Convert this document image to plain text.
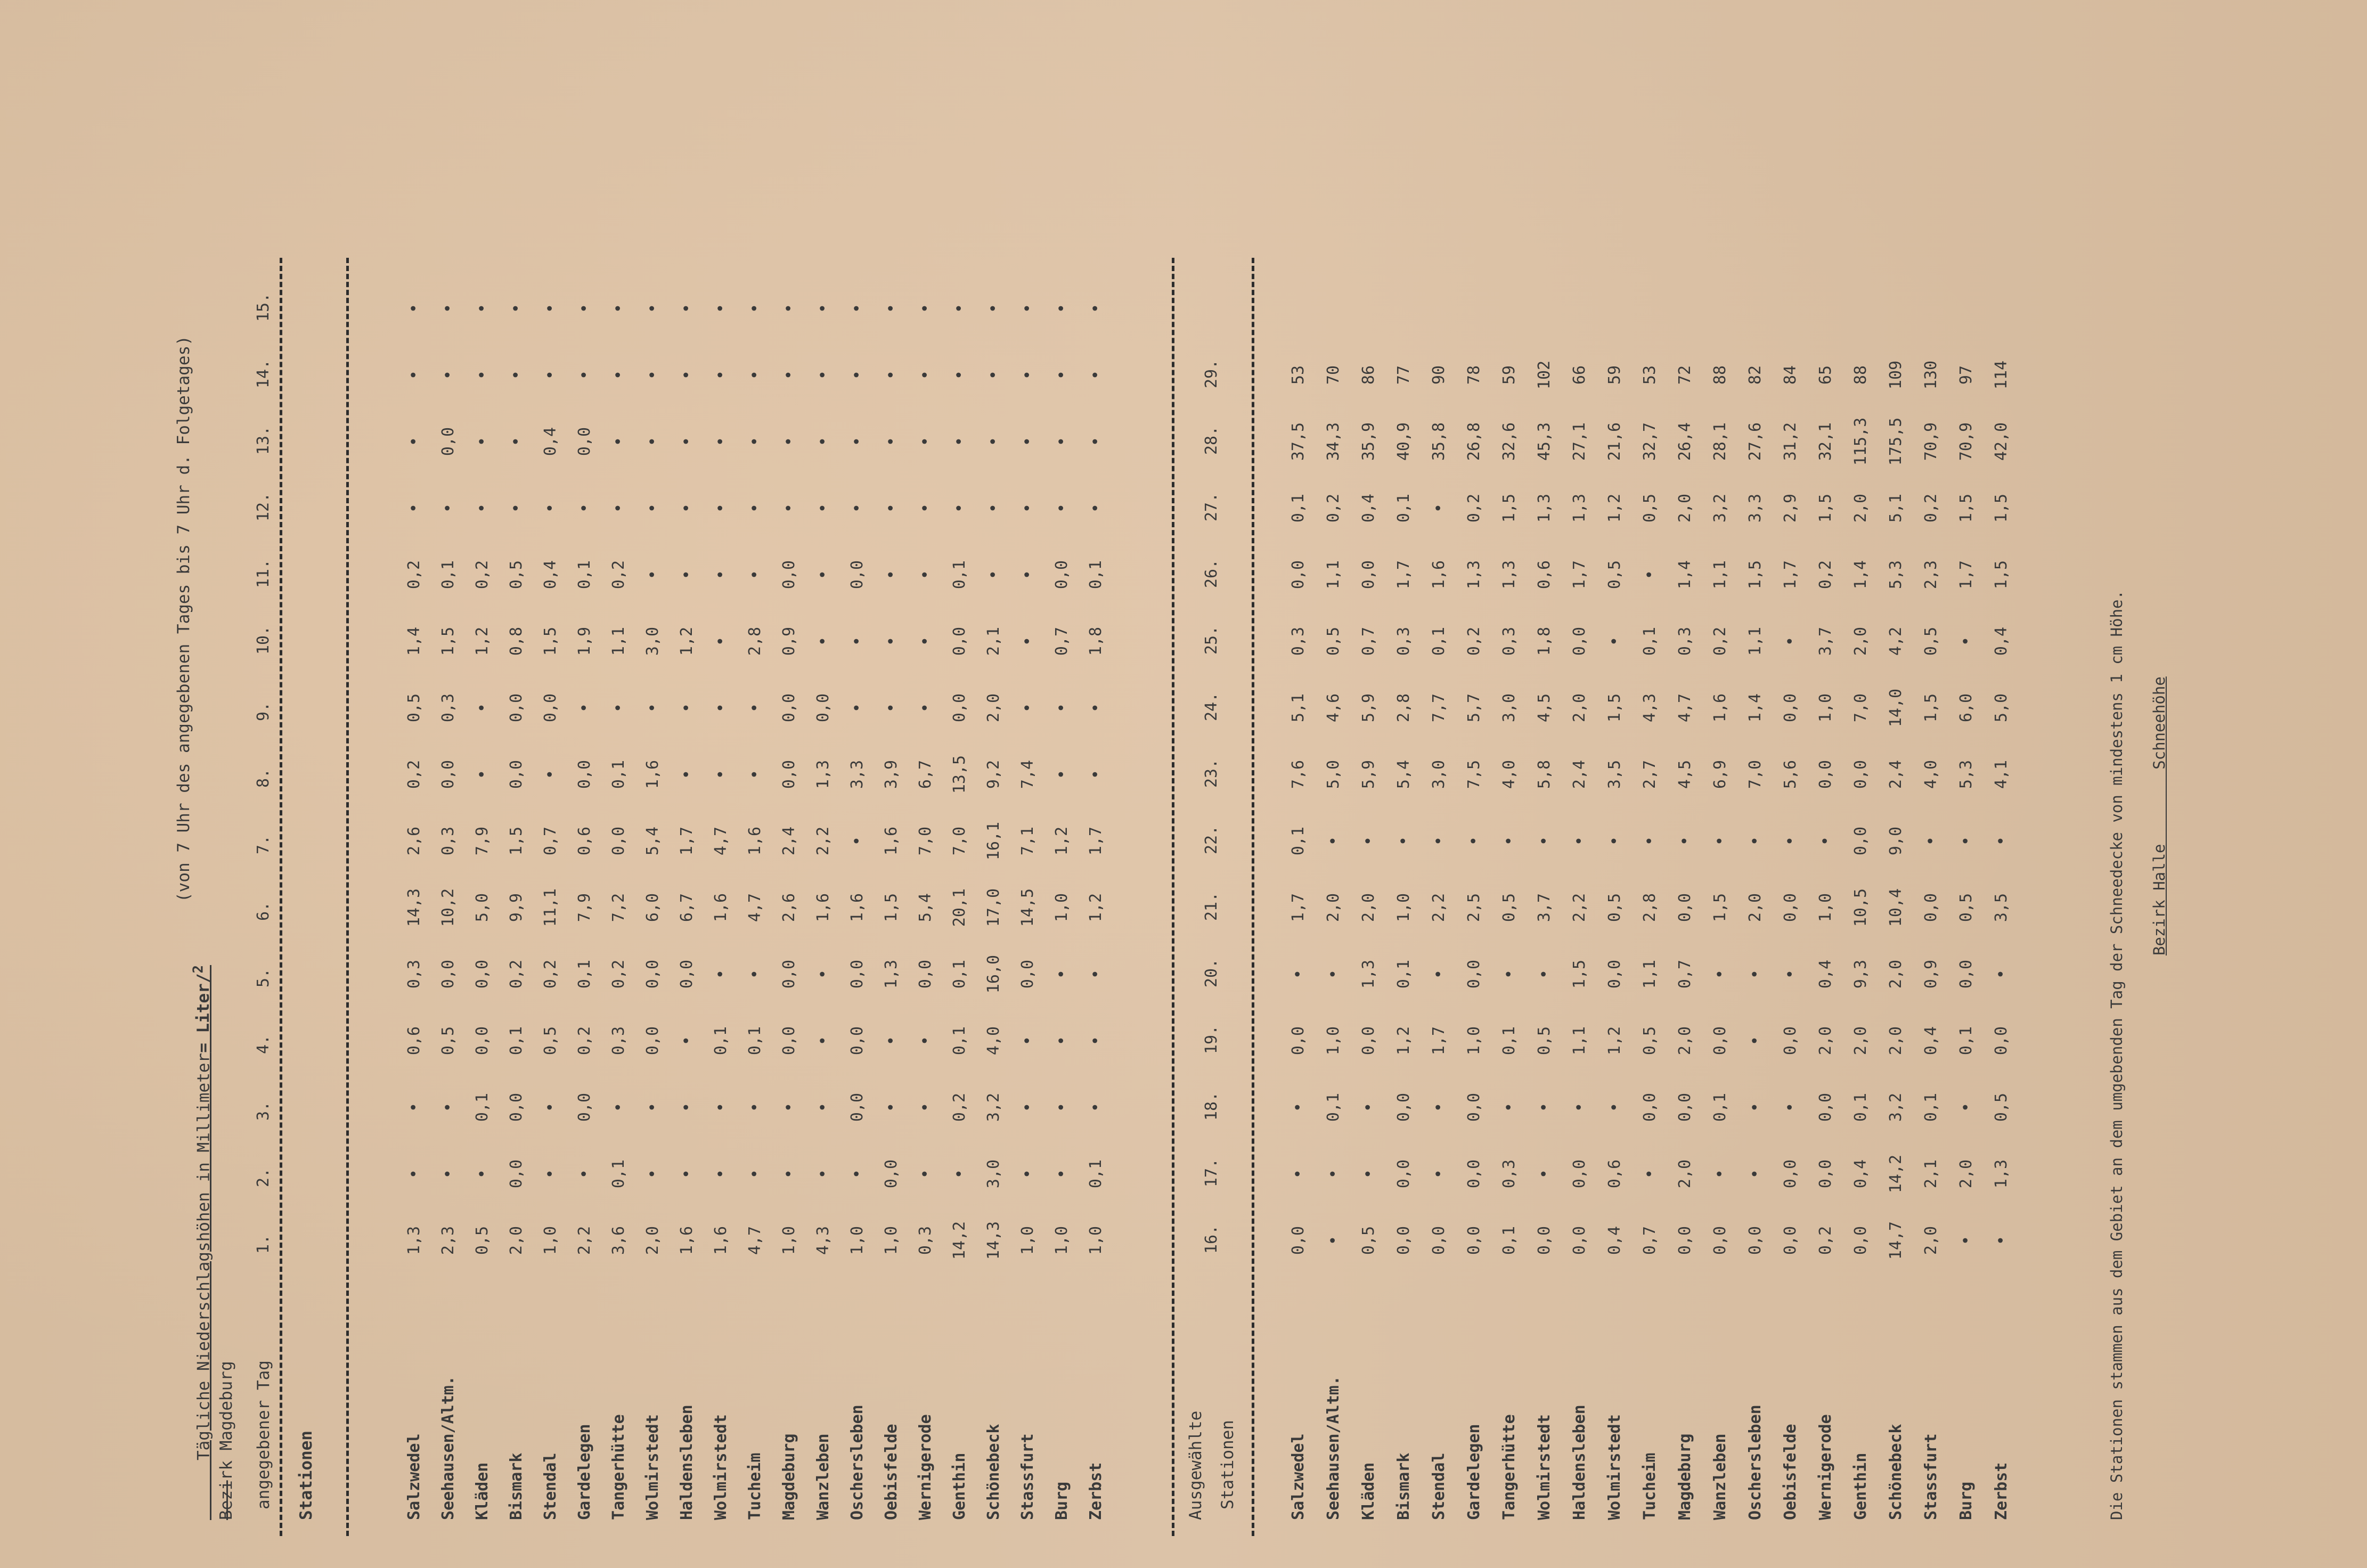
Tägliche Niederschlagshöhen in Millimeter= Liter/$^2$

(von 7 Uhr des angegebenen Tages bis 7 Uhr d. Folgetages)
Bezirk Magdeburg angegebener Tag Stationen
1.
2.
3.
4.
5.
6.
7.
8.
9.
10.
11.
12.
13.
14.
15.
Salzwedel
1,3
•
•
0,6
0,3
14,3
2,6
0,2
0,5
1,4
0,2
•
•
•
•
Seehausen/Altm.
2,3
•
•
0,5
0,0
10,2
0,3
0,0
0,3
1,5
0,1
•
0,0
•
•
Kläden
0,5
•
0,1
0,0
0,0
5,0
7,9
•
•
1,2
0,2
•
•
•
•
Bismark
2,0
0,0
0,0
0,1
0,2
9,9
1,5
0,0
0,0
0,8
0,5
•
•
•
•
Stendal
1,0
•
•
0,5
0,2
11,1
0,7
•
0,0
1,5
0,4
•
0,4
•
•
Gardelegen
2,2
•
0,0
0,2
0,1
7,9
0,6
0,0
•
1,9
0,1
•
0,0
•
•
Tangerhütte
3,6
0,1
•
0,3
0,2
7,2
0,0
0,1
•
1,1
0,2
•
•
•
•
Wolmirstedt
2,0
•
•
0,0
0,0
6,0
5,4
1,6
•
3,0
•
•
•
•
•
Haldensleben
1,6
•
•
•
0,0
6,7
1,7
•
•
1,2
•
•
•
•
•
Wolmirstedt
1,6
•
•
0,1
•
1,6
4,7
•
•
•
•
•
•
•
•
Tucheim
4,7
•
•
0,1
•
4,7
1,6
•
•
2,8
•
•
•
•
•
Magdeburg
1,0
•
•
0,0
0,0
2,6
2,4
0,0
0,0
0,9
0,0
•
•
•
•
Wanzleben
4,3
•
•
•
•
1,6
2,2
1,3
0,0
•
•
•
•
•
•
Oschersleben
1,0
•
0,0
0,0
0,0
1,6
•
3,3
•
•
0,0
•
•
•
•
Oebisfelde
1,0
0,0
•
•
1,3
1,5
1,6
3,9
•
•
•
•
•
•
•
Wernigerode
0,3
•
•
•
0,0
5,4
7,0
6,7
•
•
•
•
•
•
•
Genthin
14,2
•
0,2
0,1
0,1
20,1
7,0
13,5
0,0
0,0
0,1
•
•
•
•
Schönebeck
14,3
3,0
3,2
4,0
16,0
17,0
16,1
9,2
2,0
2,1
•
•
•
•
•
Stassfurt
1,0
•
•
•
0,0
14,5
7,1
7,4
•
•
•
•
•
•
•
Burg
1,0
•
•
•
•
1,0
1,2
•
•
0,7
0,0
•
•
•
•
Zerbst
1,0
0,1
•
•
•
1,2
1,7
•
•
1,8
0,1
•
•
•
•
Ausgewählte Stationen
16.
17.
18.
19.
20.
21.
22.
23.
24.
25.
26.
27.
28.
29.
Salzwedel
0,0
•
•
0,0
•
1,7
0,1
7,6
5,1
0,3
0,0
0,1
37,5
53
Seehausen/Altm.
•
•
0,1
1,0
•
2,0
•
5,0
4,6
0,5
1,1
0,2
34,3
70
Kläden
0,5
•
•
0,0
1,3
2,0
•
5,9
5,9
0,7
0,0
0,4
35,9
86
Bismark
0,0
0,0
0,0
1,2
0,1
1,0
•
5,4
2,8
0,3
1,7
0,1
40,9
77
Stendal
0,0
•
•
1,7
•
2,2
•
3,0
7,7
0,1
1,6
•
35,8
90
Gardelegen
0,0
0,0
0,0
1,0
0,0
2,5
•
7,5
5,7
0,2
1,3
0,2
26,8
78
Tangerhütte
0,1
0,3
•
0,1
•
0,5
•
4,0
3,0
0,3
1,3
1,5
32,6
59
Wolmirstedt
0,0
•
•
0,5
•
3,7
•
5,8
4,5
1,8
0,6
1,3
45,3
102
Haldensleben
0,0
0,0
•
1,1
1,5
2,2
•
2,4
2,0
0,0
1,7
1,3
27,1
66
Wolmirstedt
0,4
0,6
•
1,2
0,0
0,5
•
3,5
1,5
•
0,5
1,2
21,6
59
Tucheim
0,7
•
0,0
0,5
1,1
2,8
•
2,7
4,3
0,1
•
0,5
32,7
53
Magdeburg
0,0
2,0
0,0
2,0
0,7
0,0
•
4,5
4,7
0,3
1,4
2,0
26,4
72
Wanzleben
0,0
•
0,1
0,0
•
1,5
•
6,9
1,6
0,2
1,1
3,2
28,1
88
Oschersleben
0,0
•
•
•
•
2,0
•
7,0
1,4
1,1
1,5
3,3
27,6
82
Oebisfelde
0,0
0,0
•
0,0
•
0,0
•
5,6
0,0
•
1,7
2,9
31,2
84
Wernigerode
0,2
0,0
0,0
2,0
0,4
1,0
•
0,0
1,0
3,7
0,2
1,5
32,1
65
Genthin
0,0
0,4
0,1
2,0
9,3
10,5
0,0
0,0
7,0
2,0
1,4
2,0
115,3
88
Schönebeck
14,7
14,2
3,2
2,0
2,0
10,4
9,0
2,4
14,0
4,2
5,3
5,1
175,5
109
Stassfurt
2,0
2,1
0,1
0,4
0,9
0,0
•
4,0
1,5
0,5
2,3
0,2
70,9
130
Burg
•
2,0
•
0,1
0,0
0,5
•
5,3
6,0
•
1,7
1,5
70,9
97
Zerbst
•
1,3
0,5
0,0
•
3,5
•
4,1
5,0
0,4
1,5
1,5
42,0
114
Die Stationen stammen aus dem Gebiet an dem umgebenden Tag der Schneedecke von mindestens 1 cm Höhe. Bezirk Halle        Schneehöhe
